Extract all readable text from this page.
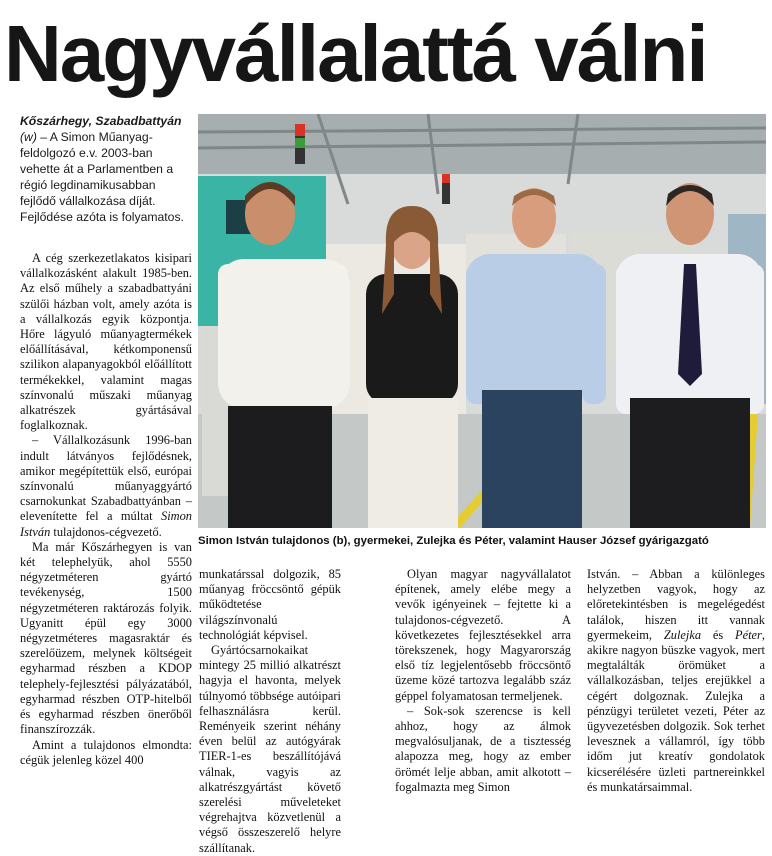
Nagyvállalattá válni
Kőszárhegy, Szabadbattyán (w) – A Simon Műanyag-feldolgozó e.v. 2003-ban vehette át a Parlamentben a régió legdinamikusabban fejlődő vállalkozása díját. Fejlődése azóta is folyamatos.

A cég szerkezetlakatos kisipari vállalkozásként alakult 1985-ben. Az első műhely a szabadbattyáni szülői házban volt, amely azóta is a vállalkozás egyik központja. Hőre lágyuló műanyagtermékek előállításával, kétkomponensű szilikon alapanyagokból előállított termékekkel, valamint magas színvonalú műszaki műanyag alkatrészek gyártásával foglalkoznak.

– Vállalkozásunk 1996-ban indult látványos fejlődésnek, amikor megépítettük első, európai színvonalú műanyaggyártó csarnokunkat Szabadbattyánban – elevenítette fel a múltat Simon István tulajdonos-cégvezető.

Ma már Kőszárhegyen is van két telephelyük, ahol 5550 négyzetméteren gyártó tevékenység, 1500 négyzetméteren raktározás folyik. Ugyanitt épül egy 3000 négyzetméteres magasraktár és szerelőüzem, melynek költségeit egyharmad részben a KDOP telephely-fejlesztési pályázatából, egyharmad részben OTP-hitelből és egyharmad részben önerőből finanszírozzák.

Amint a tulajdonos elmondta: cégük jelenleg közel 400

Simon István tulajdonos (b), gyermekei, Zulejka és Péter, valamint Hauser József gyárigazgató

munkatárssal dolgozik, 85 műanyag fröccsöntő gépük működtetése világszínvonalú technológiát képvisel.

Gyártócsarnokaikat mintegy 25 millió alkatrészt hagyja el havonta, melyek túlnyomó többsége autóipari felhasználásra kerül. Reményeik szerint néhány éven belül az autógyárak TIER-1-es beszállítójává válnak, vagyis az alkatrészgyártást követő szerelési műveleteket végrehajtva közvetlenül a végső összeszerelő helyre szállítanak.

Olyan magyar nagyvállalatot építenek, amely elébe megy a vevők igényeinek – fejtette ki a tulajdonos-cégvezető. A következetes fejlesztésekkel arra törekszenek, hogy Magyarország első tíz legjelentősebb fröccsöntő üzeme közé tartozva legalább száz géppel folyamatosan termeljenek.

– Sok-sok szerencse is kell ahhoz, hogy az álmok megvalósuljanak, de a tisztesség alapozza meg, hogy az ember örömét lelje abban, amit alkotott – fogalmazta meg Simon

István. – Abban a különleges helyzetben vagyok, hogy az előretekintésben is megelégedést találok, hiszen itt vannak gyermekeim, Zulejka és Péter, akikre nagyon büszke vagyok, mert megtalálták örömüket a vállalkozásban, teljes erejükkel a cégért dolgoznak. Zulejka a pénzügyi területet vezeti, Péter az ügyvezetésben dolgozik. Sok terhet levesznek a vállamról, így több időm jut kreatív gondolatok kicserélésére üzleti partnereinkkel és munkatársaimmal.
